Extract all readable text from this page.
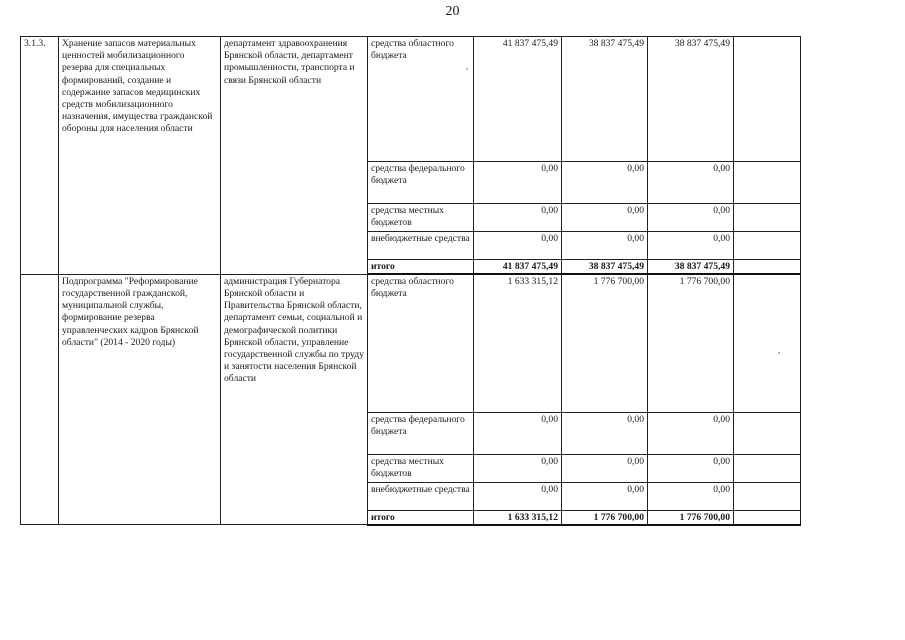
20
3.1.3.	Хранение запасов материальных ценностей мобилизационного резерва для специальных формирований, создание и содержание запасов медицинских средств мобилизационного назначения, имущества гражданской обороны для населения области	департамент здравоохранения Брянской области, департамент промышленности, транспорта и связи Брянской области	средства областного бюджета	41 837 475,49	38 837 475,49	38 837 475,49	
			средства федерального бюджета	0,00	0,00	0,00	
			средства местных бюджетов	0,00	0,00	0,00	
			внебюджетные средства	0,00	0,00	0,00	
			итого	41 837 475,49	38 837 475,49	38 837 475,49	
	Подпрограмма "Реформирование государственной гражданской, муниципальной службы, формирование резерва управленческих кадров Брянской области" (2014 - 2020 годы)	администрация Губернатора Брянской области и Правительства Брянской области, департамент семьи, социальной и демографической политики Брянской области, управление государственной службы по труду и занятости населения Брянской области	средства областного бюджета	1 633 315,12	1 776 700,00	1 776 700,00	
			средства федерального бюджета	0,00	0,00	0,00	
			средства местных бюджетов	0,00	0,00	0,00	
			внебюджетные средства	0,00	0,00	0,00	
			итого	1 633 315,12	1 776 700,00	1 776 700,00	
